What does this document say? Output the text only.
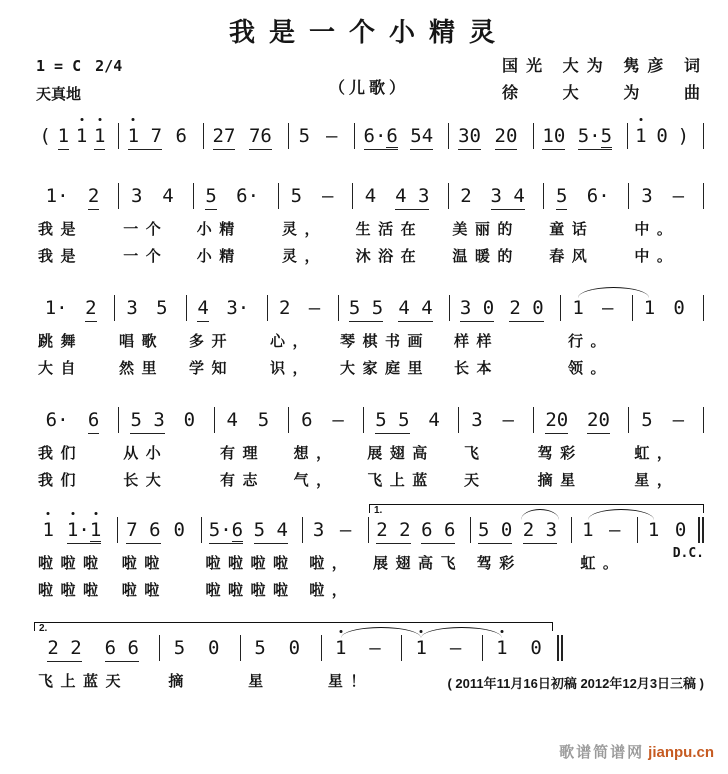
我是一个小精灵
1 = C 2/4
天真地	（儿歌）
国光 大为 隽彦 词
徐 大 为 曲
( 1 1 1 1
7 6 27 76 5 – 6· 6 54 30 20 10 5· 5 1 0 )
1· 2 3 4 5 6· 5 – 4 4 3 2 3 4 5 6· 3 –
我是	一个	小精	灵，	生活在	美丽的	童话	中。
我是	一个	小精	灵，	沐浴在	温暖的	春风	中。
1· 2 3 5 4 3· 2 – 5 5 4 4 3 0 2 0 1 – 1 0
跳舞	唱歌	多开	心，	琴棋书画	样样	行。
大自	然里	学知	识，	大家庭里	长本	领。
6· 6 5 3 0 4 5 6 – 5 5 4 3 – 20 20 5 –
我们	从小	有理	想，	展翅高	飞	驾彩	虹，
我们	长大	有志	气，	飞上蓝	天	摘星	星，
1 1 · 1 7 6 0 5· 6 5 4 3 – 2 2 6 6 5 0 2 3 1 – 1 0
啦啦啦	啦啦	啦啦啦啦 啦，	展翅高飞 驾彩	虹。
啦啦啦	啦啦	啦啦啦啦 啦，
1.
D.C.
2 2 6 6 5 0 5 0 1 – 1 – 1 0
飞上蓝天	摘	星	星！	( 2011年11月16日初稿 2012年12月3日三稿 )
2.
歌谱简谱网 jianpu.cn
